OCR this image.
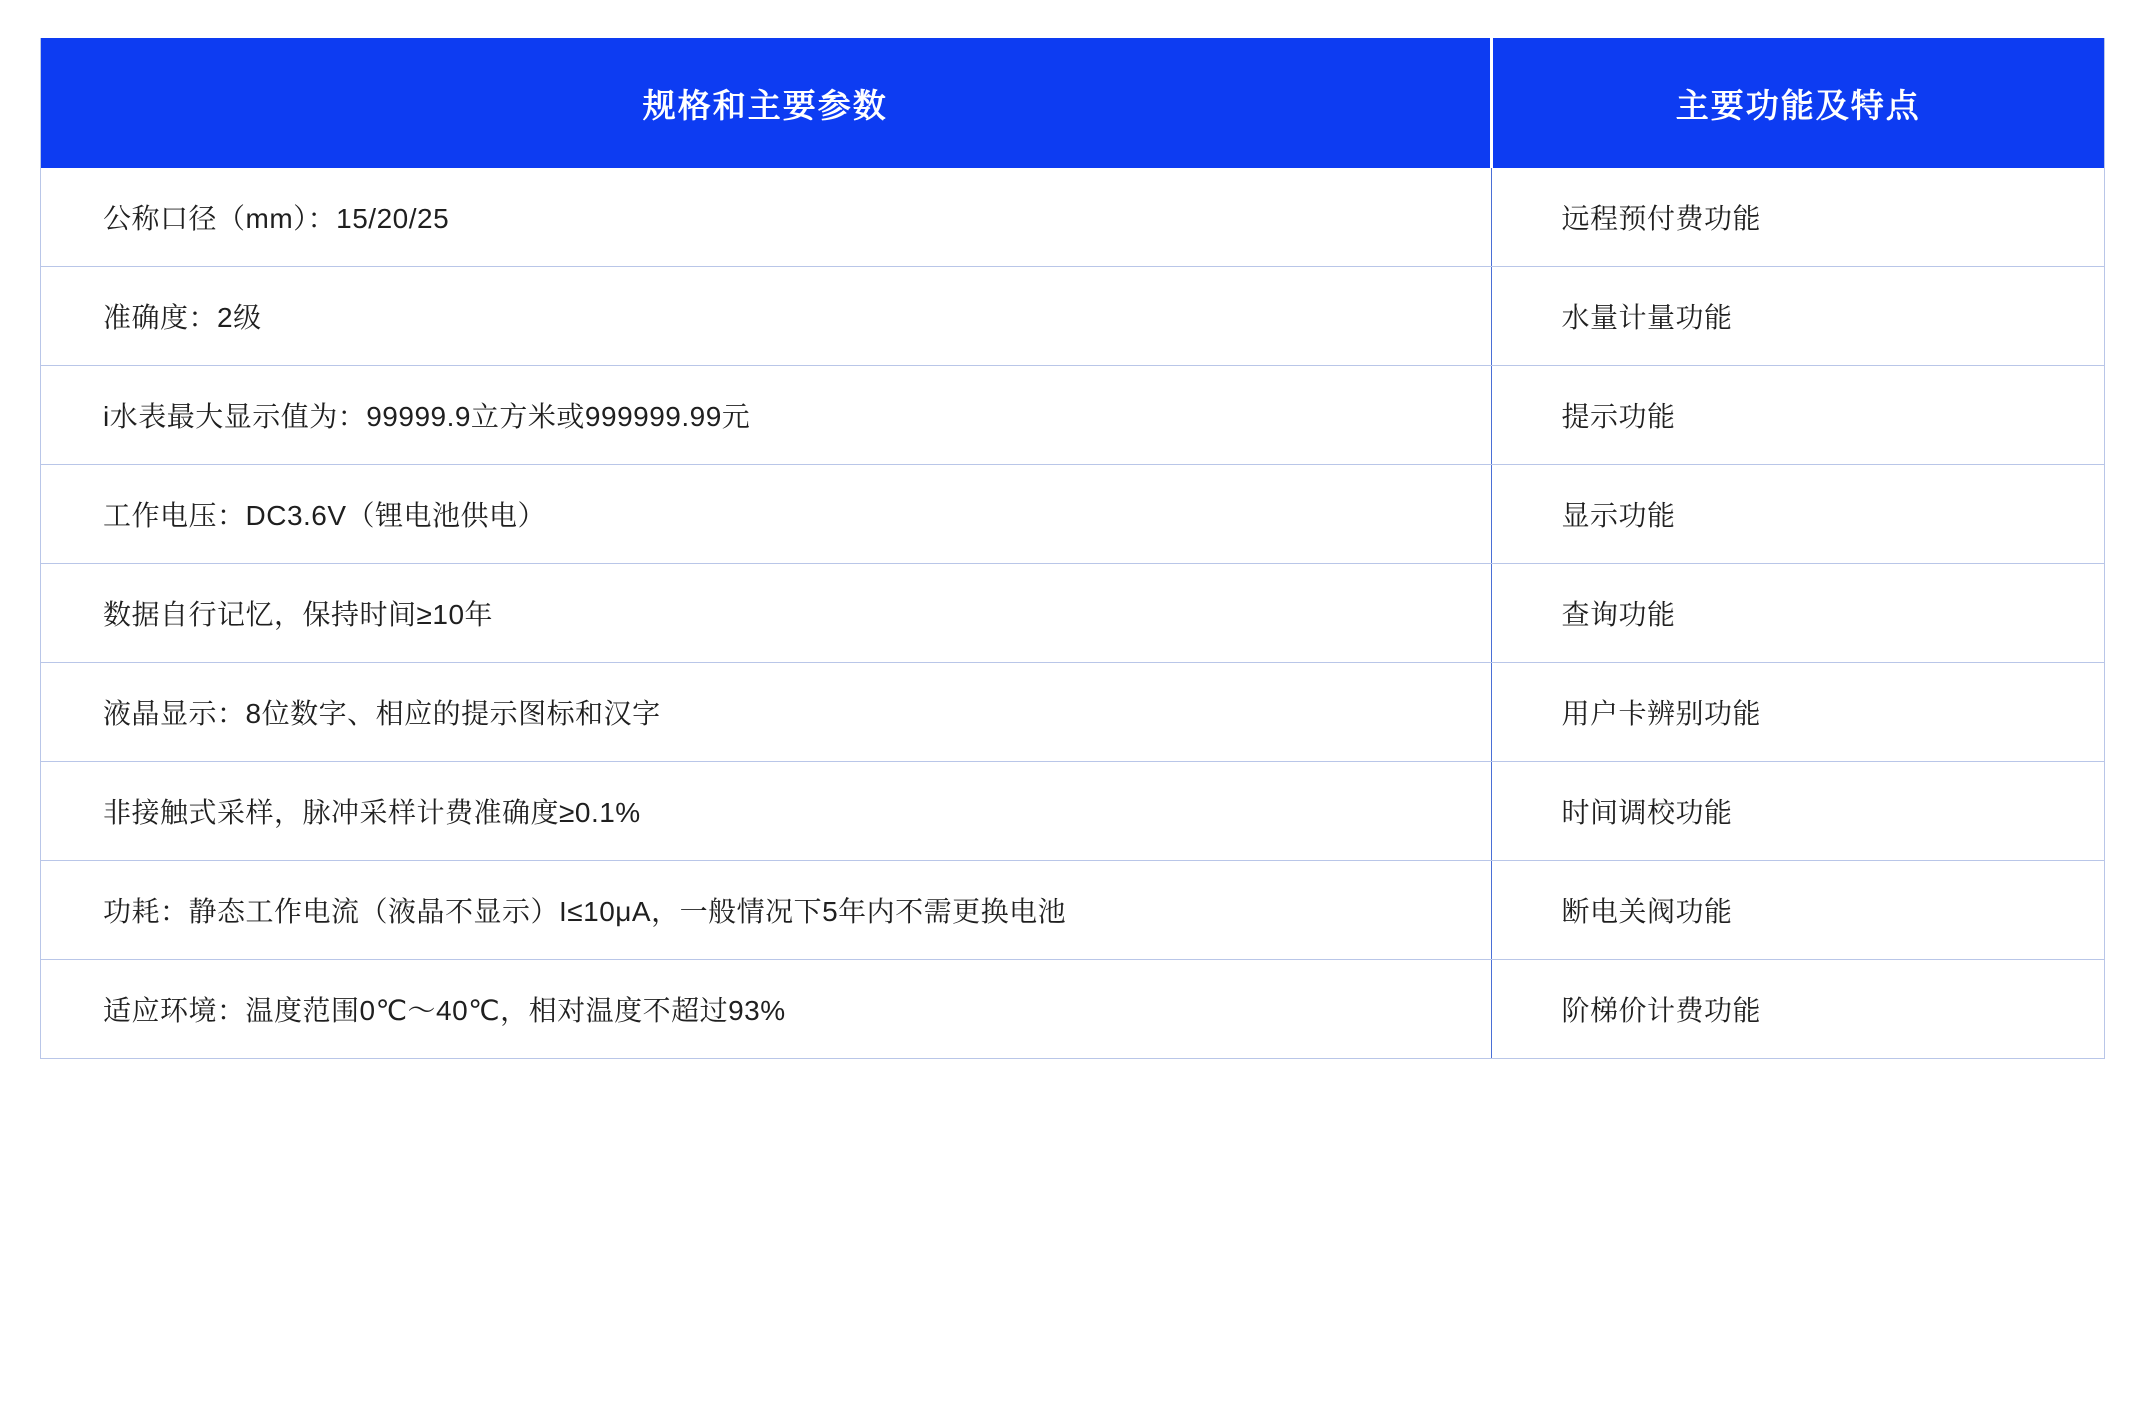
规格和主要参数	主要功能及特点
公称口径（mm）：15/20/25	远程预付费功能
准确度：2级	水量计量功能
i水表最大显示值为：99999.9立方米或999999.99元	提示功能
工作电压：DC3.6V（锂电池供电）	显示功能
数据自行记忆，保持时间≥10年	查询功能
液晶显示：8位数字、相应的提示图标和汉字	用户卡辨别功能
非接触式采样，脉冲采样计费准确度≥0.1%	时间调校功能
功耗：静态工作电流（液晶不显示）I≤10μA，一般情况下5年内不需更换电池	断电关阀功能
适应环境：温度范围0℃～40℃，相对温度不超过93%	阶梯价计费功能
